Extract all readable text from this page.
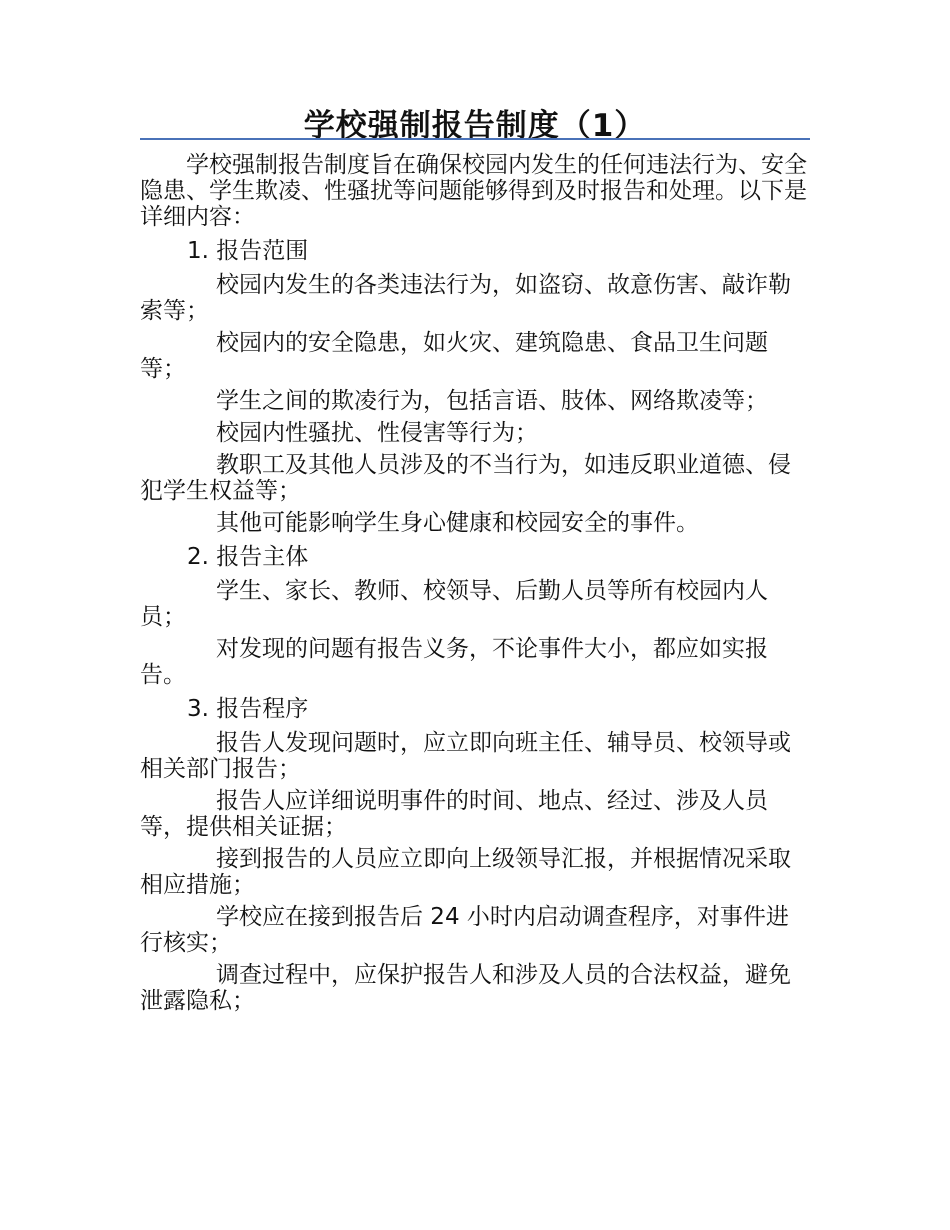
学校强制报告制度（1）
学校强制报告制度旨在确保校园内发生的任何违法行为、安全隐患、学生欺凌、性骚扰等问题能够得到及时报告和处理。以下是详细内容：
1. 报告范围
校园内发生的各类违法行为，如盗窃、故意伤害、敲诈勒索等；
校园内的安全隐患，如火灾、建筑隐患、食品卫生问题等；
学生之间的欺凌行为，包括言语、肢体、网络欺凌等；
校园内性骚扰、性侵害等行为；
教职工及其他人员涉及的不当行为，如违反职业道德、侵犯学生权益等；
其他可能影响学生身心健康和校园安全的事件。
2. 报告主体
学生、家长、教师、校领导、后勤人员等所有校园内人员；
对发现的问题有报告义务，不论事件大小，都应如实报告。
3. 报告程序
报告人发现问题时，应立即向班主任、辅导员、校领导或相关部门报告；
报告人应详细说明事件的时间、地点、经过、涉及人员等，提供相关证据；
接到报告的人员应立即向上级领导汇报，并根据情况采取相应措施；
学校应在接到报告后 24 小时内启动调查程序，对事件进行核实；
调查过程中，应保护报告人和涉及人员的合法权益，避免泄露隐私；
